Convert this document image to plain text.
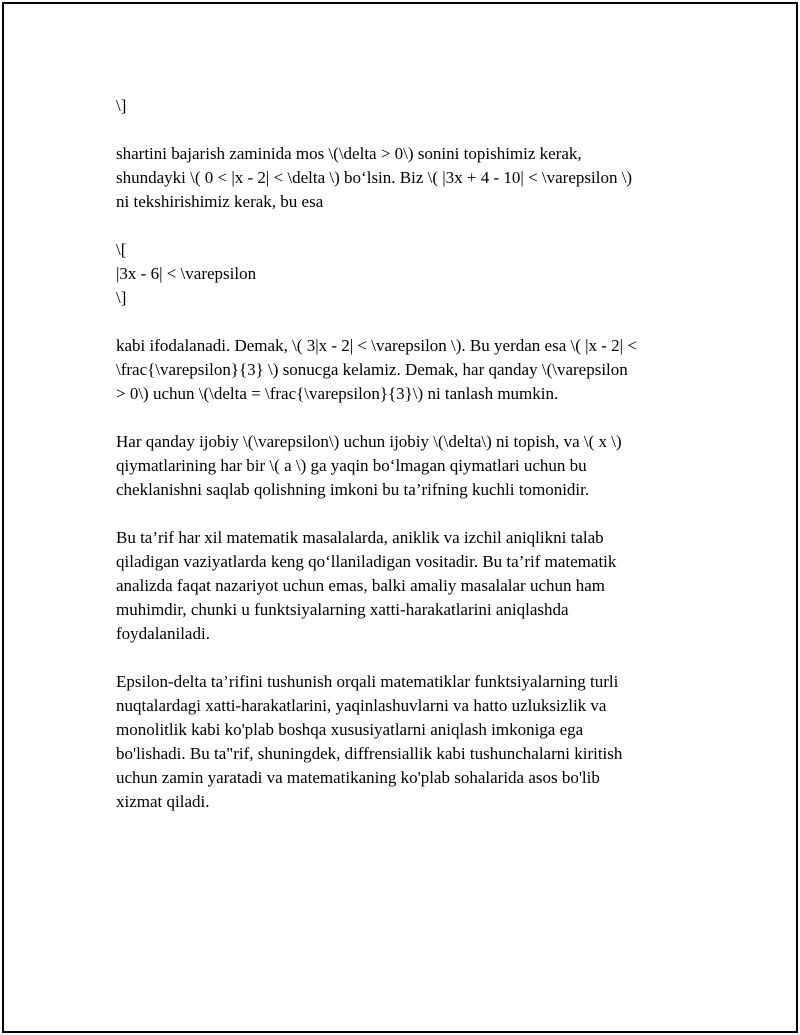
\]
shartini bajarish zaminida mos \(\delta > 0\) sonini topishimiz kerak,
shundayki \( 0 < |x - 2| < \delta \) bo‘lsin. Biz \( |3x + 4 - 10| < \varepsilon \)
ni tekshirishimiz kerak, bu esa
\[
|3x - 6| < \varepsilon
\]
kabi ifodalanadi. Demak, \( 3|x - 2| < \varepsilon \). Bu yerdan esa \( |x - 2| <
\frac{\varepsilon}{3} \) sonucga kelamiz. Demak, har qanday \(\varepsilon
> 0\) uchun \(\delta = \frac{\varepsilon}{3}\) ni tanlash mumkin.
Har qanday ijobiy \(\varepsilon\) uchun ijobiy \(\delta\) ni topish, va \( x \)
qiymatlarining har bir \( a \) ga yaqin bo‘lmagan qiymatlari uchun bu
cheklanishni saqlab qolishning imkoni bu ta’rifning kuchli tomonidir.
Bu ta’rif har xil matematik masalalarda, aniklik va izchil aniqlikni talab
qiladigan vaziyatlarda keng qo‘llaniladigan vositadir. Bu ta’rif matematik
analizda faqat nazariyot uchun emas, balki amaliy masalalar uchun ham
muhimdir, chunki u funktsiyalarning xatti-harakatlarini aniqlashda
foydalaniladi.
Epsilon-delta ta’rifini tushunish orqali matematiklar funktsiyalarning turli
nuqtalardagi xatti-harakatlarini, yaqinlashuvlarni va hatto uzluksizlik va
monolitlik kabi ko'plab boshqa xususiyatlarni aniqlash imkoniga ega
bo'lishadi. Bu ta"rif, shuningdek, diffrensiallik kabi tushunchalarni kiritish
uchun zamin yaratadi va matematikaning ko'plab sohalarida asos bo'lib
xizmat qiladi.
